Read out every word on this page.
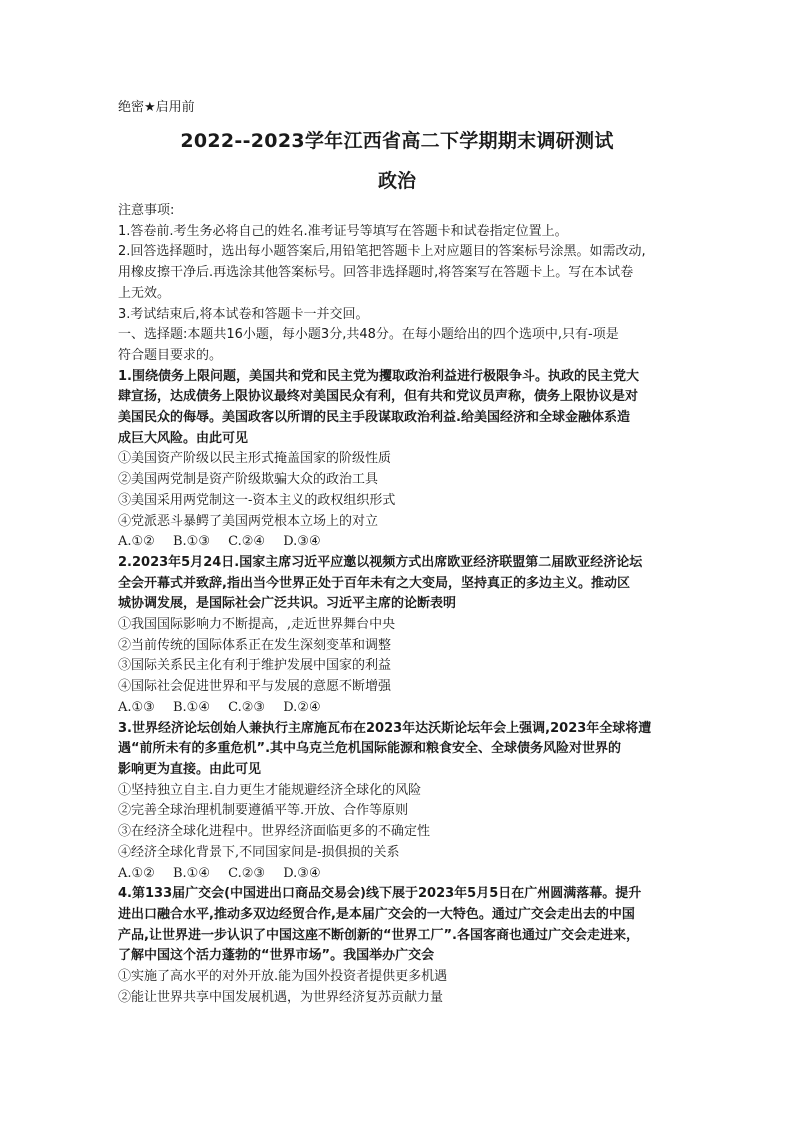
绝密★启用前
2022--2023学年江西省高二下学期期末调研测试
政治

注意事项:

1.答卷前.考生务必将自己的姓名.准考证号等填写在答题卡和试卷指定位置上。

2.回答选择题时，选出每小题答案后,用铅笔把答题卡上对应题目的答案标号涂黑。如需改动,

用橡皮擦干净后.再选涂其他答案标号。回答非选择题时,将答案写在答题卡上。写在本试卷

上无效。

3.考试结束后,将本试卷和答题卡一并交回。

一、选择题:本题共16小题，每小题3分,共48分。在每小题给出的四个选项中,只有-项是

符合题目要求的。

1.围绕债务上限问题，美国共和党和民主党为攫取政治利益进行极限争斗。执政的民主党大

肆宣扬，达成债务上限协议最终对美国民众有利，但有共和党议员声称，债务上限协议是对

美国民众的侮辱。美国政客以所谓的民主手段谋取政治利益.给美国经济和全球金融体系造

成巨大风险。由此可见

①美国资产阶级以民主形式掩盖国家的阶级性质

②美国两党制是资产阶级欺骗大众的政治工具

③美国采用两党制这一-资本主义的政权组织形式

④党派恶斗暴鳄了美国两党根本立场上的对立

A.①② B.①③ C.②④ D.③④

2.2023年5月24日.国家主席习近平应邀以视频方式出席欧亚经济联盟第二届欧亚经济论坛

全会开幕式并致辞,指出当今世界正处于百年未有之大变局，坚持真正的多边主义。推动区

城协调发展，是国际社会广泛共识。习近平主席的论断表明

①我国国际影响力不断提高，,走近世界舞台中央

②当前传统的国际体系正在发生深刻变革和调整

③国际关系民主化有利于维护发展中国家的利益

④国际社会促进世界和平与发展的意愿不断增强

A.①③ B.①④ C.②③ D.②④

3.世界经济论坛创始人兼执行主席施瓦布在2023年达沃斯论坛年会上强调,2023年全球将遭

遇“前所未有的多重危机”.其中乌克兰危机国际能源和粮食安全、全球债务风险对世界的

影响更为直接。由此可见

①坚持独立自主.自力更生才能规避经济全球化的风险

②完善全球治理机制要遵循平等.开放、合作等原则

③在经济全球化进程中。世界经济面临更多的不确定性

④经济全球化背景下,不同国家间是-损俱损的关系

A.①② B.①④ C.②③ D.③④

4.第133届广交会(中国进出口商品交易会)线下展于2023年5月5日在广州圆满落幕。提升

进出口融合水平,推动多双边经贸合作,是本届广交会的一大特色。通过广交会走出去的中国

产品,让世界进一步认识了中国这座不断创新的“世界工厂”.各国客商也通过广交会走进来，

了解中国这个活力蓬勃的“世界市场”。我国举办广交会

①实施了高水平的对外开放.能为国外投资者提供更多机遇

②能让世界共享中国发展机遇，为世界经济复苏贡献力量
